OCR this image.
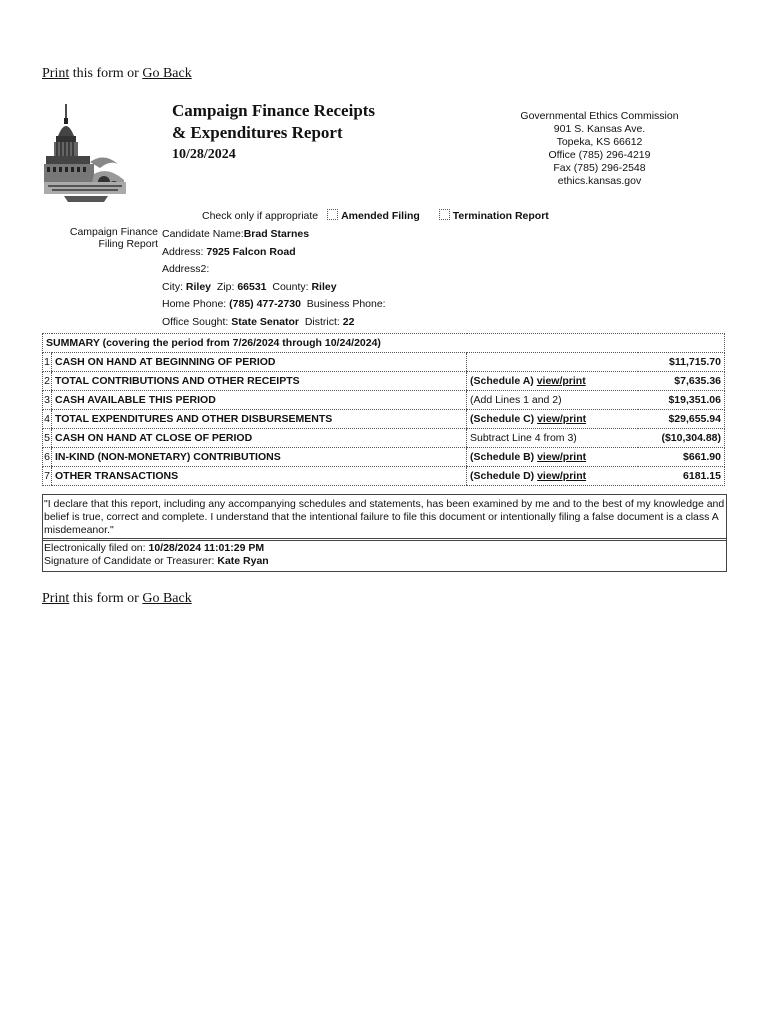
Print this form or Go Back
Campaign Finance Receipts
& Expenditures Report
10/28/2024
Governmental Ethics Commission
901 S. Kansas Ave.
Topeka, KS 66612
Office (785) 296-4219
Fax (785) 296-2548
ethics.kansas.gov
Check only if appropriate Amended Filing	Termination Report
Campaign Finance
Filing Report
Candidate Name:Brad Starnes
Address: 7925 Falcon Road
Address2:
City: Riley Zip: 66531 County: Riley
Home Phone: (785) 477-2730 Business Phone:
Office Sought: State Senator District: 22
SUMMARY (covering the period from 7/26/2024 through 10/24/2024)			
1	CASH ON HAND AT BEGINNING OF PERIOD		$11,715.70
2	TOTAL CONTRIBUTIONS AND OTHER RECEIPTS	(Schedule A) view/print	$7,635.36
3	CASH AVAILABLE THIS PERIOD	(Add Lines 1 and 2)	$19,351.06
4	TOTAL EXPENDITURES AND OTHER DISBURSEMENTS	(Schedule C) view/print	$29,655.94
5	CASH ON HAND AT CLOSE OF PERIOD	Subtract Line 4 from 3)	($10,304.88)
6	IN-KIND (NON-MONETARY) CONTRIBUTIONS	(Schedule B) view/print	$661.90
7	OTHER TRANSACTIONS	(Schedule D) view/print	6181.15
"I declare that this report, including any accompanying schedules and statements, has been examined by me and to the best of my knowledge and belief is true, correct and complete. I understand that the intentional failure to file this document or intentionally filing a false document is a class A misdemeanor."
Electronically filed on: 10/28/2024 11:01:29 PM
Signature of Candidate or Treasurer: Kate Ryan
Print this form or Go Back
